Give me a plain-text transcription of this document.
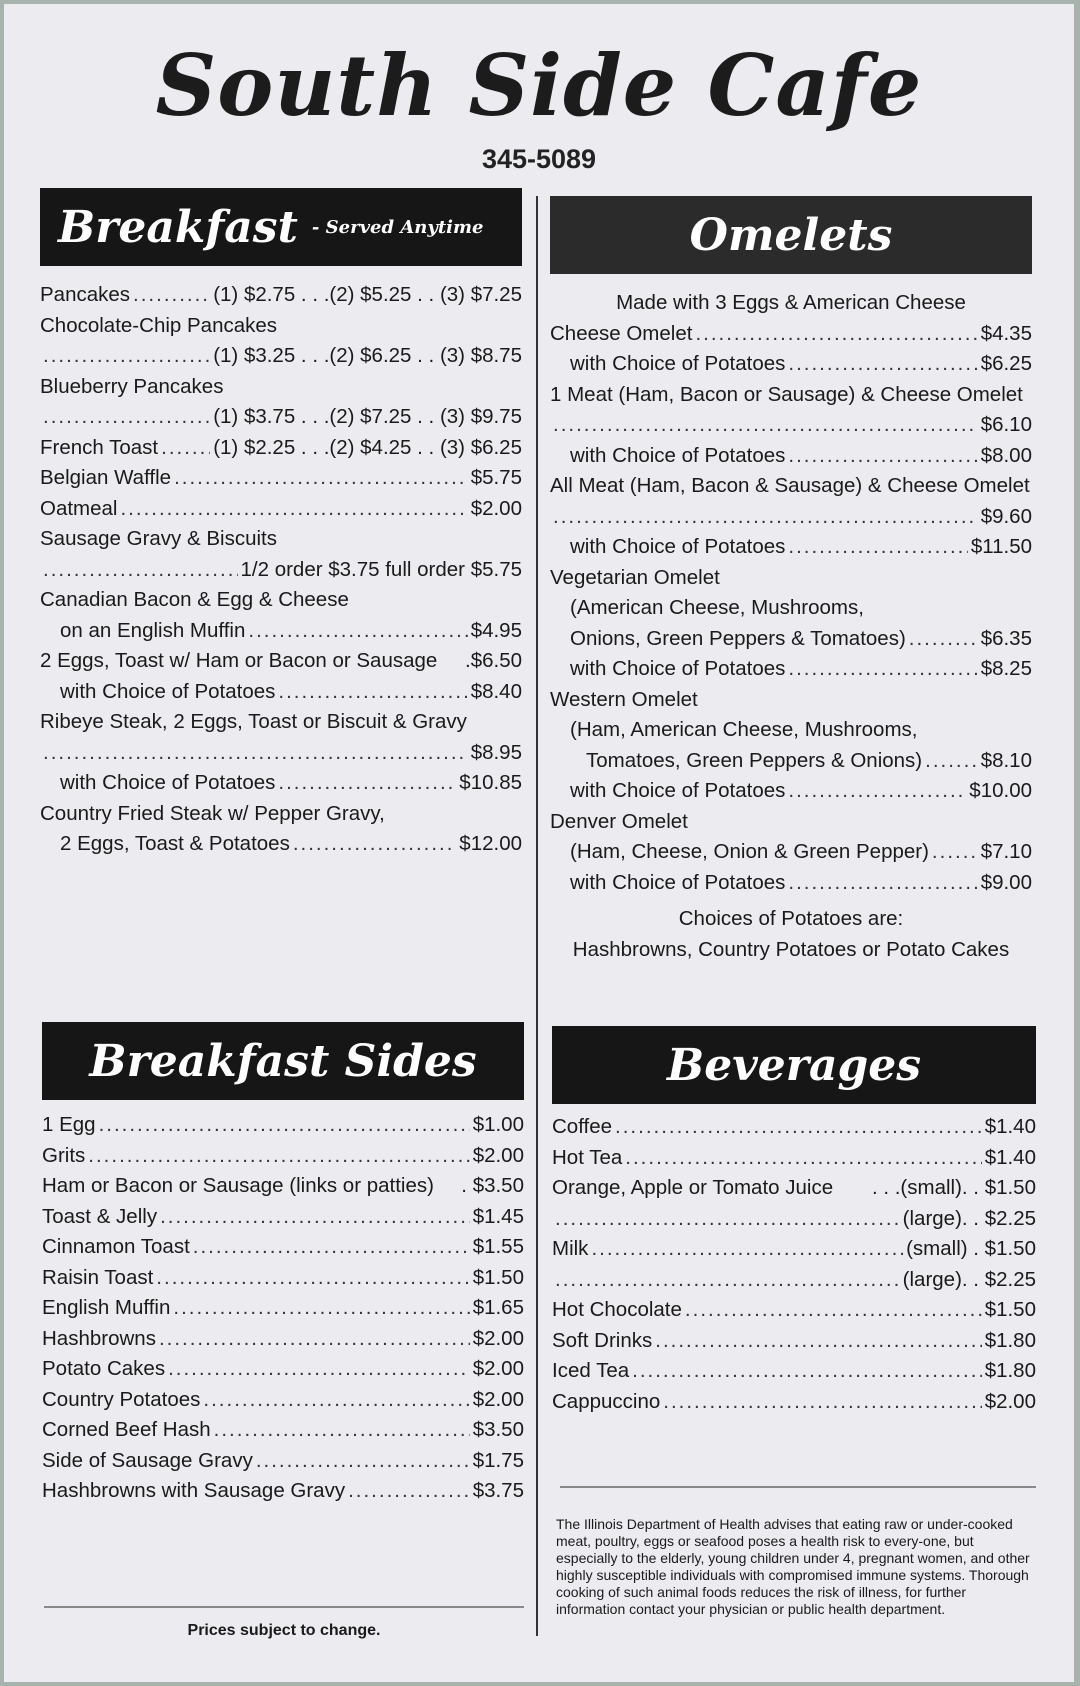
South Side Cafe
345-5089
Breakfast - Served Anytime
Pancakes .....	(1) $2.75 . . .(2) $5.25 . . (3) $7.25
Chocolate-Chip Pancakes
.....
(1) $3.25 . . .(2) $6.25 . . (3) $8.75
Blueberry Pancakes
.....
(1) $3.75 . . .(2) $7.25 . . (3) $9.75
French Toast .....	(1) $2.25 . . .(2) $4.25 . . (3) $6.25
Belgian Waffle .....	$5.75
Oatmeal .....	$2.00
Sausage Gravy & Biscuits
.....
1/2 order $3.75 full order $5.75
Canadian Bacon & Egg & Cheese
on an English Muffin .....	$4.95
2 Eggs, Toast w/ Ham or Bacon or Sausage .$6.50
with Choice of Potatoes .....	$8.40
Ribeye Steak, 2 Eggs, Toast or Biscuit & Gravy
.....
$8.95
with Choice of Potatoes .....	$10.85
Country Fried Steak w/ Pepper Gravy,
2 Eggs, Toast & Potatoes .....	$12.00
Omelets
Made with 3 Eggs & American Cheese
Cheese Omelet .....	$4.35
with Choice of Potatoes .....	$6.25
1 Meat (Ham, Bacon or Sausage) & Cheese Omelet
.....
$6.10
with Choice of Potatoes .....	$8.00
All Meat (Ham, Bacon & Sausage) & Cheese Omelet
.....
$9.60
with Choice of Potatoes .....	$11.50
Vegetarian Omelet
(American Cheese, Mushrooms,
Onions, Green Peppers & Tomatoes) .....	$6.35
with Choice of Potatoes .....	$8.25
Western Omelet
(Ham, American Cheese, Mushrooms,
Tomatoes, Green Peppers & Onions) .....	$8.10
with Choice of Potatoes .....	$10.00
Denver Omelet
(Ham, Cheese, Onion & Green Pepper) .....	$7.10
with Choice of Potatoes .....	$9.00
Choices of Potatoes are:
Hashbrowns, Country Potatoes or Potato Cakes
Breakfast Sides
1 Egg .....	$1.00
Grits .....	$2.00
Ham or Bacon or Sausage (links or patties) . $3.50
Toast & Jelly .....	$1.45
Cinnamon Toast .....	$1.55
Raisin Toast .....	$1.50
English Muffin .....	$1.65
Hashbrowns .....	$2.00
Potato Cakes .....	$2.00
Country Potatoes .....	$2.00
Corned Beef Hash .....	$3.50
Side of Sausage Gravy .....	$1.75
Hashbrowns with Sausage Gravy .....	$3.75
Prices subject to change.
Beverages
Coffee .....	$1.40
Hot Tea .....	$1.40
Orange, Apple or Tomato Juice . . .(small). . $1.50
.....
(large). . $2.25
Milk .....	(small) . $1.50
.....
(large). . $2.25
Hot Chocolate .....	$1.50
Soft Drinks .....	$1.80
Iced Tea .....	$1.80
Cappuccino .....	$2.00
The Illinois Department of Health advises that eating raw or under-cooked meat, poultry, eggs or seafood poses a health risk to every-one, but especially to the elderly, young children under 4, pregnant women, and other highly susceptible individuals with compromised immune systems. Thorough cooking of such animal foods reduces the risk of illness, for further information contact your physician or public health department.
